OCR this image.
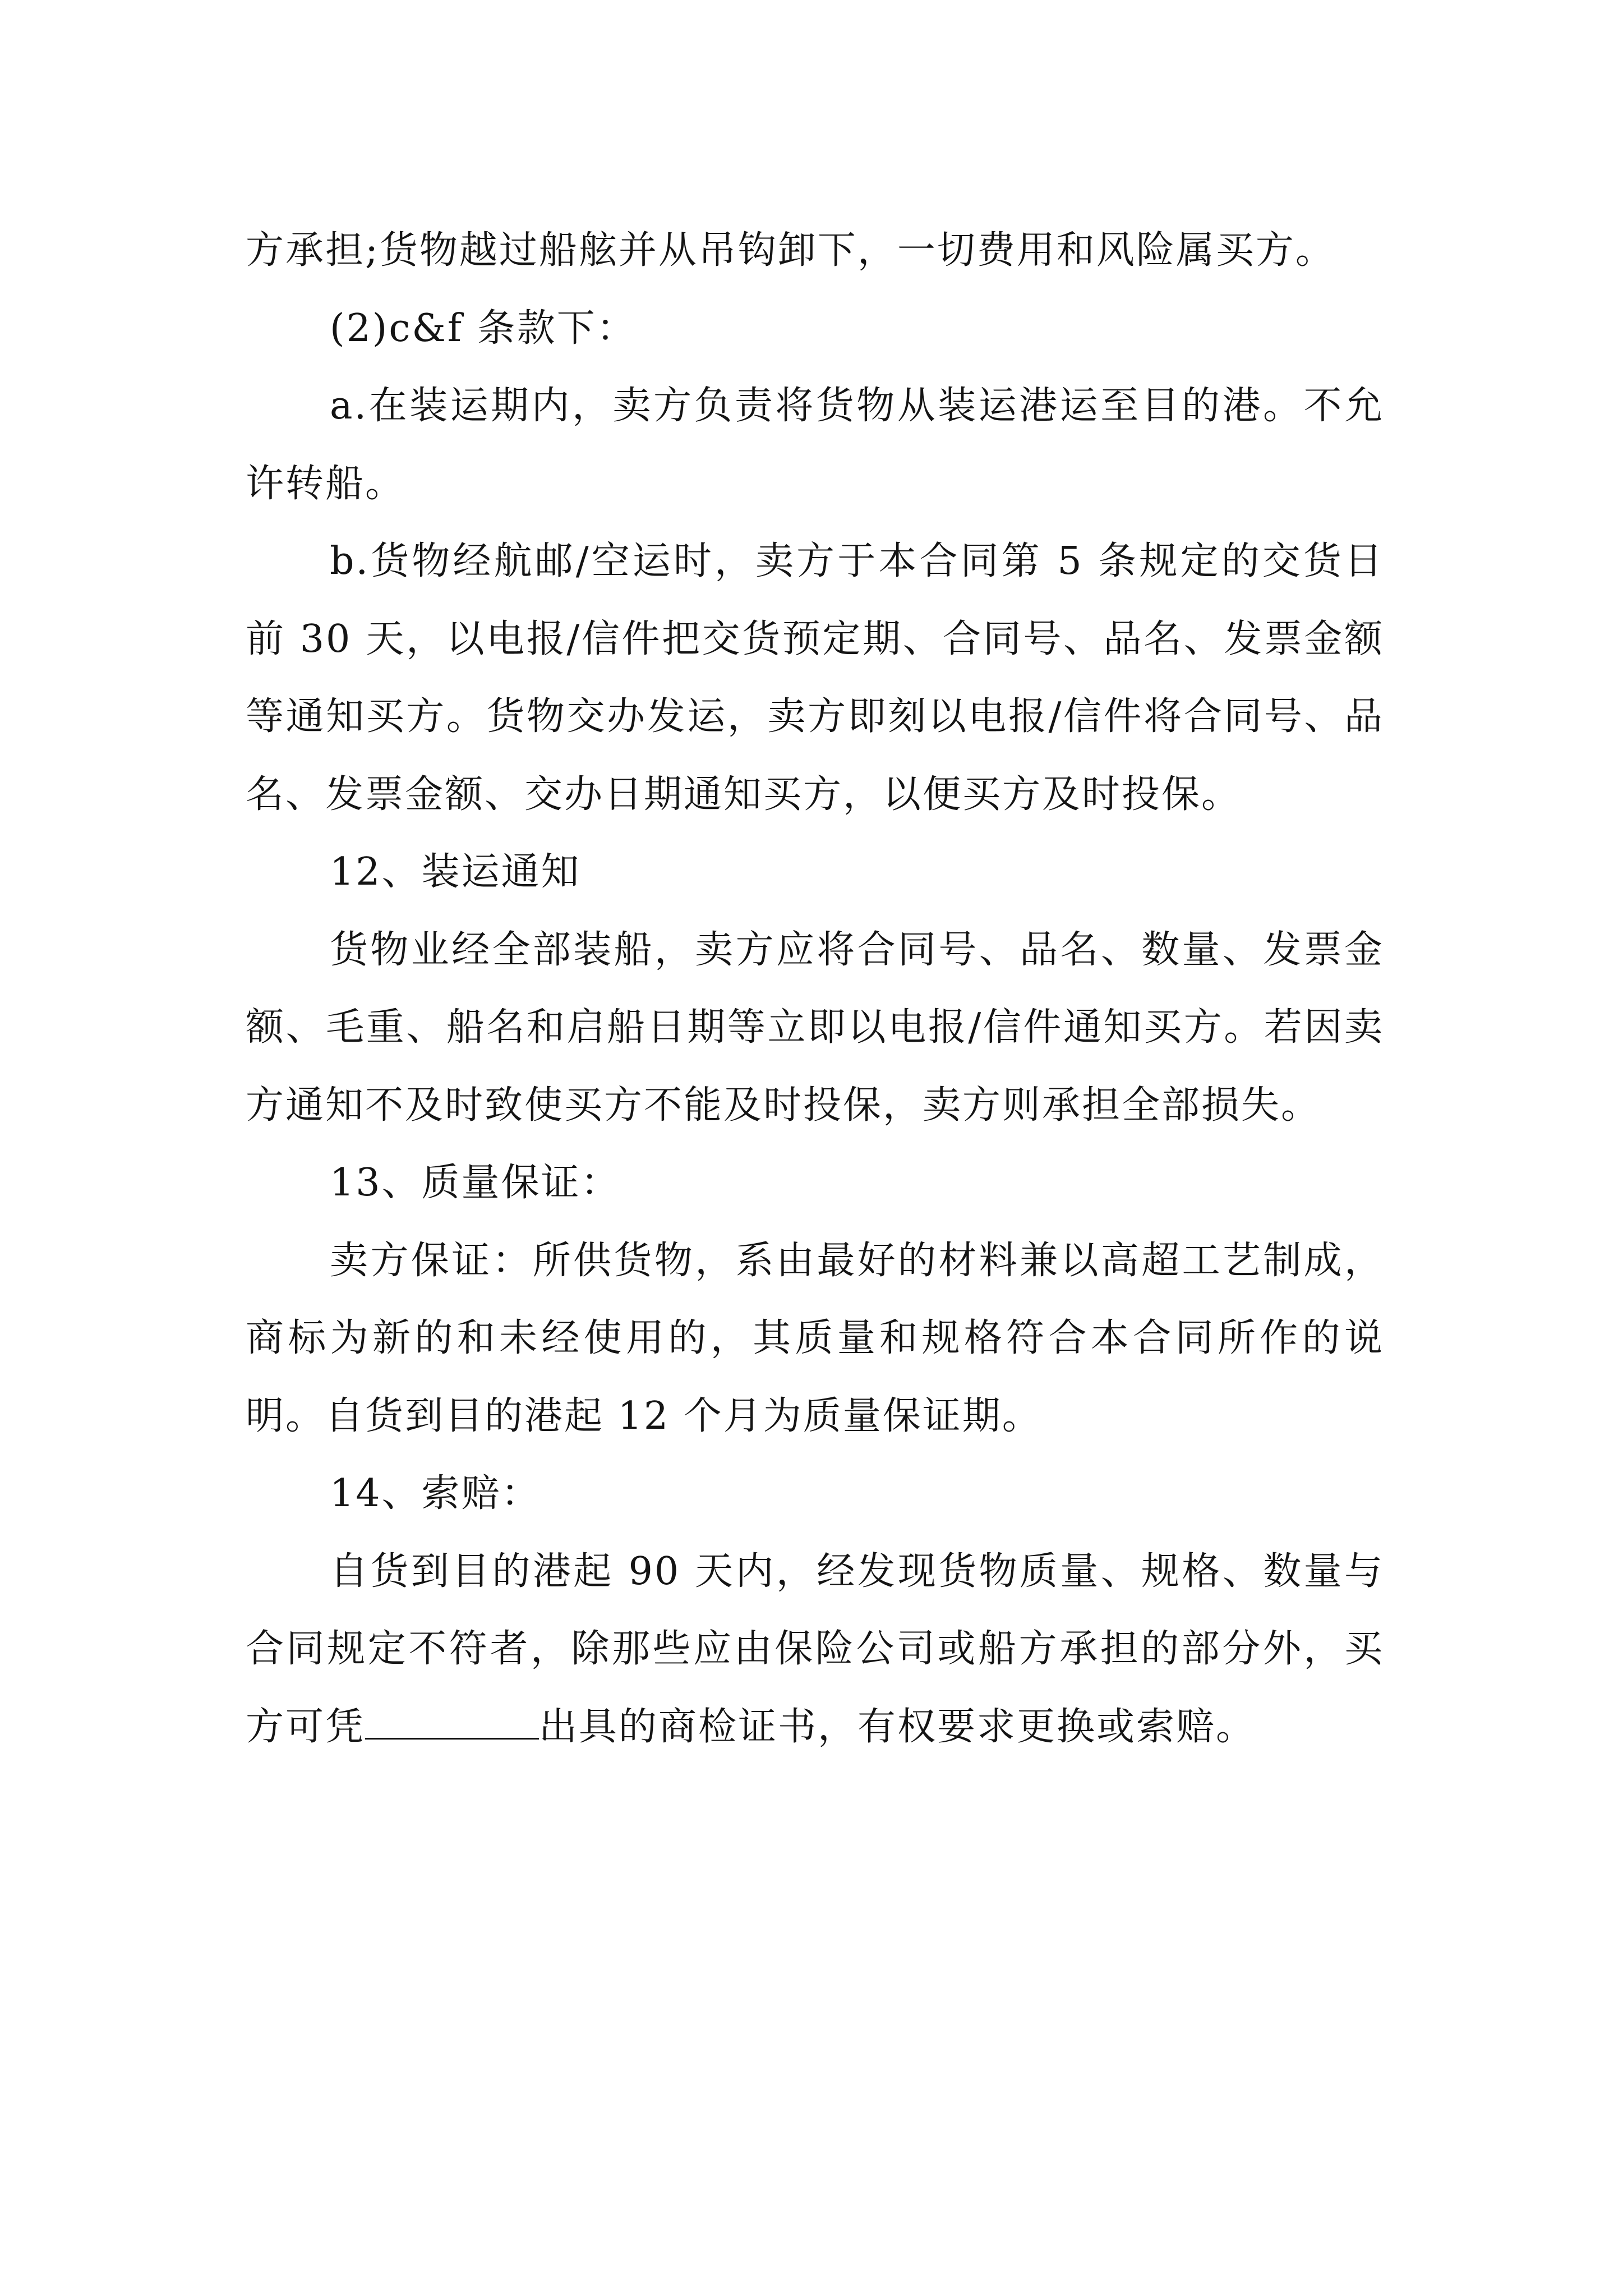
方承担;货物越过船舷并从吊钩卸下，一切费用和风险属买方。

(2)c&f 条款下：

a.在装运期内，卖方负责将货物从装运港运至目的港。不允许转船。

b.货物经航邮/空运时，卖方于本合同第 5 条规定的交货日前 30 天，以电报/信件把交货预定期、合同号、品名、发票金额等通知买方。货物交办发运，卖方即刻以电报/信件将合同号、品名、发票金额、交办日期通知买方，以便买方及时投保。

12、装运通知

货物业经全部装船，卖方应将合同号、品名、数量、发票金额、毛重、船名和启船日期等立即以电报/信件通知买方。若因卖方通知不及时致使买方不能及时投保，卖方则承担全部损失。

13、质量保证：

卖方保证：所供货物，系由最好的材料兼以高超工艺制成，商标为新的和未经使用的，其质量和规格符合本合同所作的说明。自货到目的港起 12 个月为质量保证期。

14、索赔：

自货到目的港起 90 天内，经发现货物质量、规格、数量与合同规定不符者，除那些应由保险公司或船方承担的部分外，买方可凭	出具的商检证书，有权要求更换或索赔。
